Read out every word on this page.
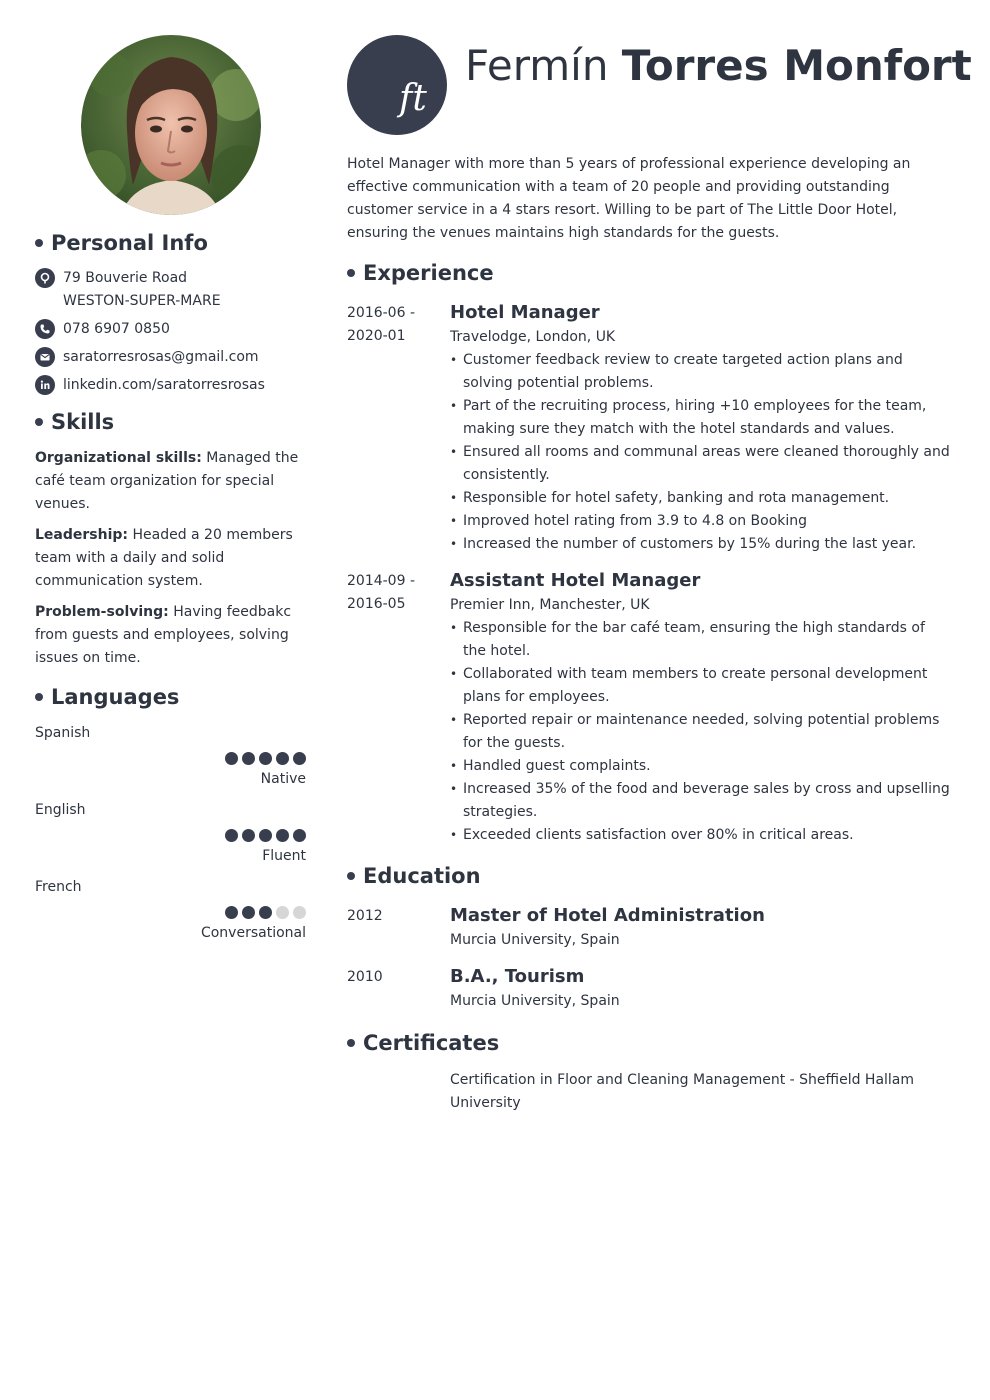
Personal Info
79 Bouverie Road
WESTON-SUPER-MARE
078 6907 0850
saratorresrosas@gmail.com
linkedin.com/saratorresrosas
Skills
Organizational skills: Managed the café team organization for special venues.
Leadership: Headed a 20 members team with a daily and solid communication system.
Problem-solving: Having feedbakc from guests and employees, solving issues on time.
Languages
Spanish
Native
English
Fluent
French
Conversational
ft
Fermín Torres Monfort
Hotel Manager with more than 5 years of professional experience developing an effective communication with a team of 20 people and providing outstanding customer service in a 4 stars resort. Willing to be part of The Little Door Hotel, ensuring the venues maintains high standards for the guests.
Experience
2016-06 -
2020-01
Hotel Manager
Travelodge, London, UK
• Customer feedback review to create targeted action plans and solving potential problems.
• Part of the recruiting process, hiring +10 employees for the team, making sure they match with the hotel standards and values.
• Ensured all rooms and communal areas were cleaned thoroughly and consistently.
• Responsible for hotel safety, banking and rota management.
• Improved hotel rating from 3.9 to 4.8 on Booking
• Increased the number of customers by 15% during the last year.
2014-09 -
2016-05
Assistant Hotel Manager
Premier Inn, Manchester, UK
• Responsible for the bar café team, ensuring the high standards of the hotel.
• Collaborated with team members to create personal development plans for employees.
• Reported repair or maintenance needed, solving potential problems for the guests.
• Handled guest complaints.
• Increased 35% of the food and beverage sales by cross and upselling strategies.
• Exceeded clients satisfaction over 80% in critical areas.
Education
2012	Master of Hotel Administration
Murcia University, Spain
2010	B.A., Tourism
Murcia University, Spain
Certificates
Certification in Floor and Cleaning Management - Sheffield Hallam University
